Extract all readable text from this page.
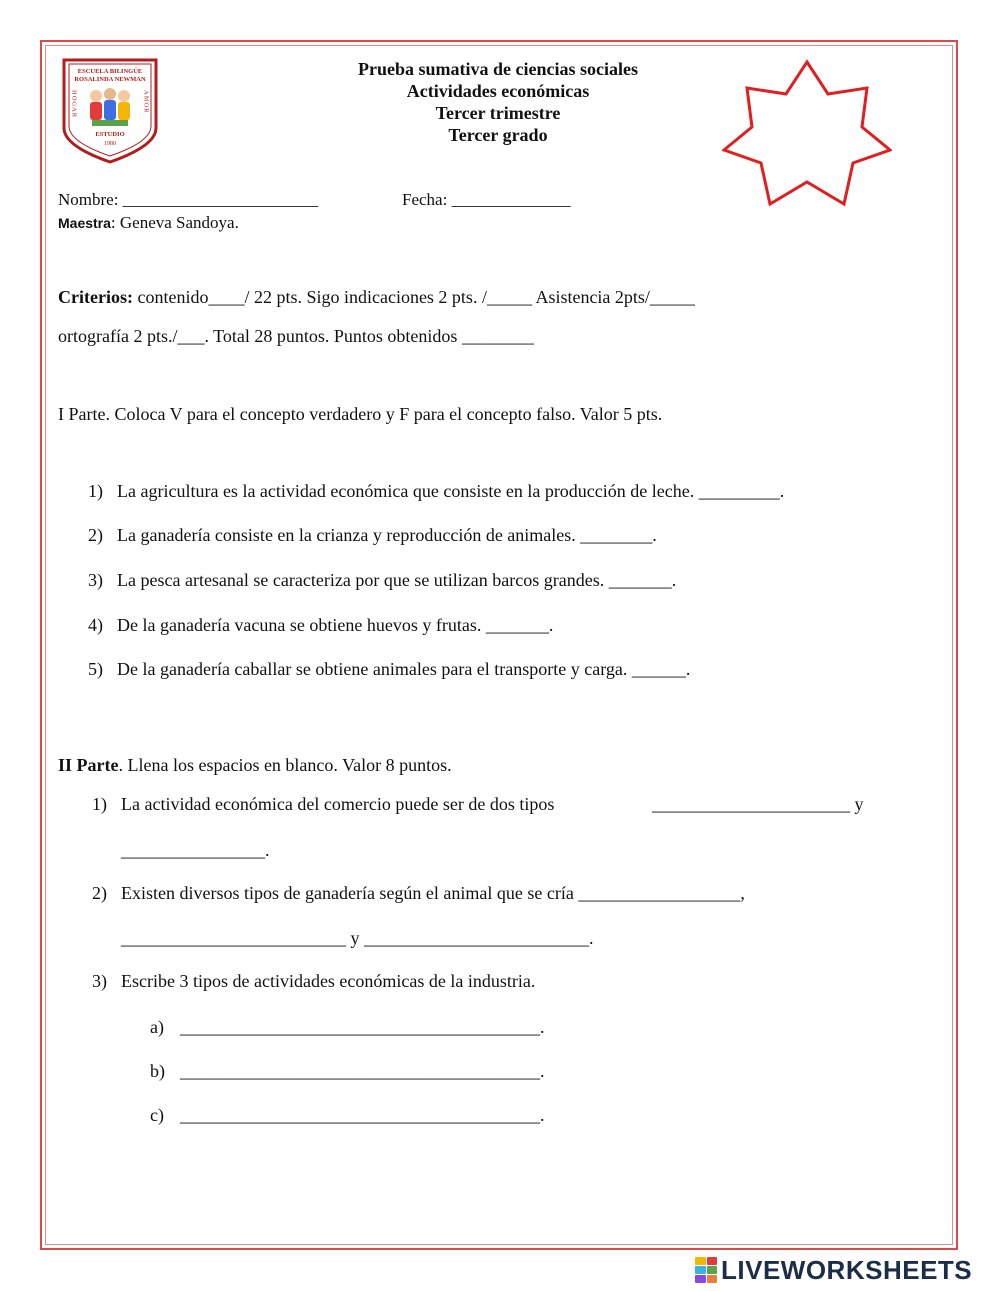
ESCUELA BILINGÜE
ROSALINDA NEWMAN
HOGAR	AMOR
ESTUDIO
1980
Prueba sumativa de ciencias sociales
Actividades económicas
Tercer trimestre
Tercer grado
Nombre: _______________________	Fecha: ______________
Maestra: Geneva Sandoya.
Criterios: contenido____/ 22 pts. Sigo indicaciones 2 pts. /_____ Asistencia 2pts/_____
ortografía 2 pts./___. Total 28 puntos. Puntos obtenidos ________
I Parte. Coloca V para el concepto verdadero y F para el concepto falso. Valor 5 pts.
1) La agricultura es la actividad económica que consiste en la producción de leche. _________.
2) La ganadería consiste en la crianza y reproducción de animales. ________.
3) La pesca artesanal se caracteriza por que se utilizan barcos grandes. _______.
4) De la ganadería vacuna se obtiene huevos y frutas. _______.
5) De la ganadería caballar se obtiene animales para el transporte y carga. ______.
II Parte. Llena los espacios en blanco. Valor 8 puntos.
1) La actividad económica del comercio puede ser de dos tipos	______________________ y
________________.
2) Existen diversos tipos de ganadería según el animal que se cría __________________,
_________________________ y _________________________.
3) Escribe 3 tipos de actividades económicas de la industria.
a) ________________________________________.
b) ________________________________________.
c) ________________________________________.
LIVEWORKSHEETS
